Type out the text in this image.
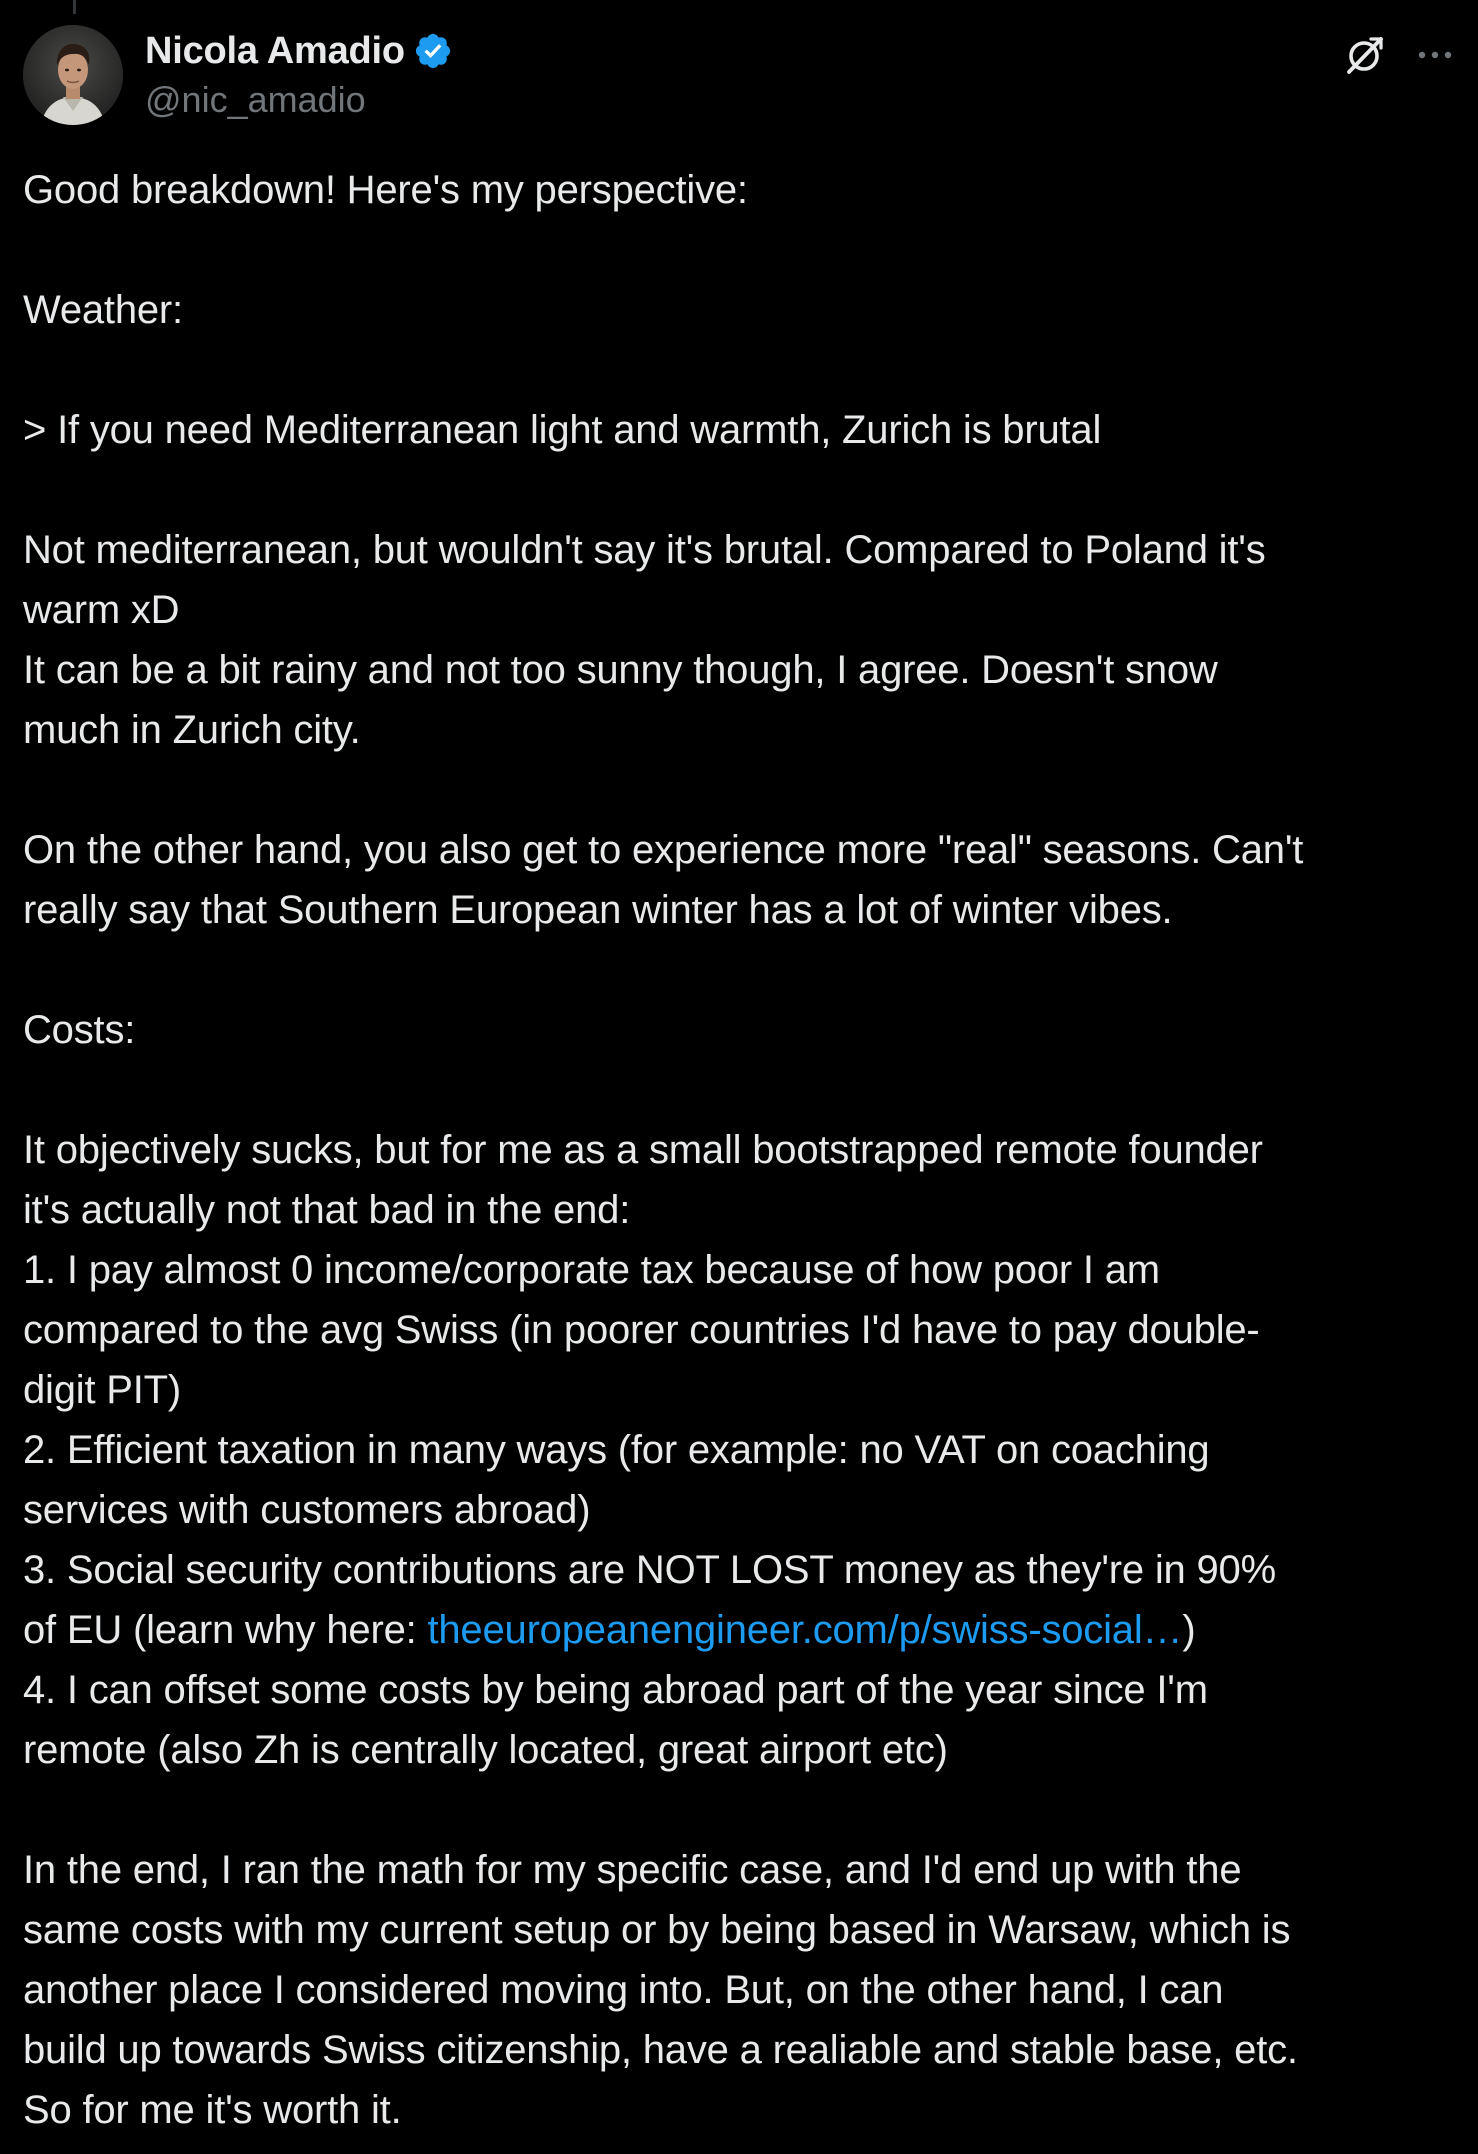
Nicola Amadio
@nic_amadio

Good breakdown! Here's my perspective:

Weather:

> If you need Mediterranean light and warmth, Zurich is brutal

Not mediterranean, but wouldn't say it's brutal. Compared to Poland it's
warm xD
It can be a bit rainy and not too sunny though, I agree. Doesn't snow
much in Zurich city.

On the other hand, you also get to experience more "real" seasons. Can't
really say that Southern European winter has a lot of winter vibes.

Costs:

It objectively sucks, but for me as a small bootstrapped remote founder
it's actually not that bad in the end:
1. I pay almost 0 income/corporate tax because of how poor I am
compared to the avg Swiss (in poorer countries I'd have to pay double-
digit PIT)
2. Efficient taxation in many ways (for example: no VAT on coaching
services with customers abroad)
3. Social security contributions are NOT LOST money as they're in 90%
of EU (learn why here: theeuropeanengineer.com/p/swiss-social…)
4. I can offset some costs by being abroad part of the year since I'm
remote (also Zh is centrally located, great airport etc)

In the end, I ran the math for my specific case, and I'd end up with the
same costs with my current setup or by being based in Warsaw, which is
another place I considered moving into. But, on the other hand, I can
build up towards Swiss citizenship, have a realiable and stable base, etc.
So for me it's worth it.
